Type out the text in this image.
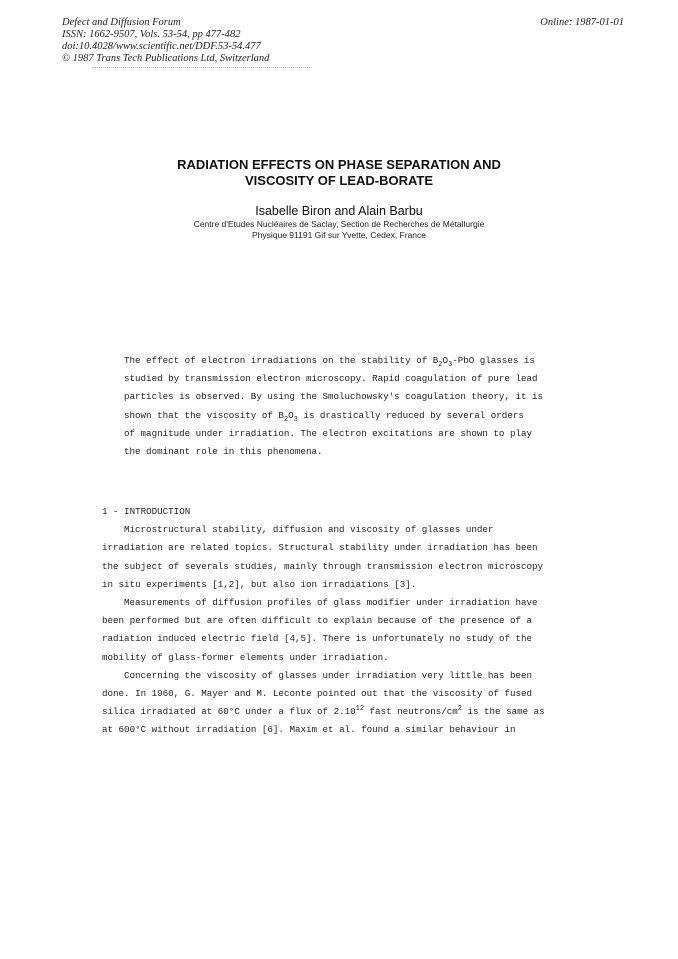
Defect and Diffusion Forum
ISSN: 1662-9507, Vols. 53-54, pp 477-482
doi:10.4028/www.scientific.net/DDF.53-54.477
© 1987 Trans Tech Publications Ltd, Switzerland
Online: 1987-01-01
RADIATION EFFECTS ON PHASE SEPARATION AND
VISCOSITY OF LEAD-BORATE
Isabelle Biron and Alain Barbu
Centre d'Etudes Nucléaires de Saclay, Section de Recherches de Métallurgie
Physique 91191 Gif sur Yvette, Cedex, France
The effect of electron irradiations on the stability of $B_2O_3$-PbO glasses is
studied by transmission electron microscopy. Rapid coagulation of pure lead
particles is observed. By using the Smoluchowsky's coagulation theory, it is
shown that the viscosity of $B_2O_3$ is drastically reduced by several orders
of magnitude under irradiation. The electron excitations are shown to play
the dominant role in this phenomena.
1 - INTRODUCTION
Microstructural stability, diffusion and viscosity of glasses under
irradiation are related topics. Structural stability under irradiation has been
the subject of severals studies, mainly through transmission electron microscopy
in situ experiments [1,2], but also ion irradiations [3].
Measurements of diffusion profiles of glass modifier under irradiation have
been performed but are often difficult to explain because of the presence of a
radiation induced electric field [4,5]. There is unfortunately no study of the
mobility of glass-former elements under irradiation.
Concerning the viscosity of glasses under irradiation very little has been
done. In 1960, G. Mayer and M. Leconte pointed out that the viscosity of fused
silica irradiated at 60°C under a flux of 2.10$^{12}$ fast neutrons/$cm^2$ is the same as
at 600°C without irradiation [6]. Maxim et al. found a similar behaviour in
